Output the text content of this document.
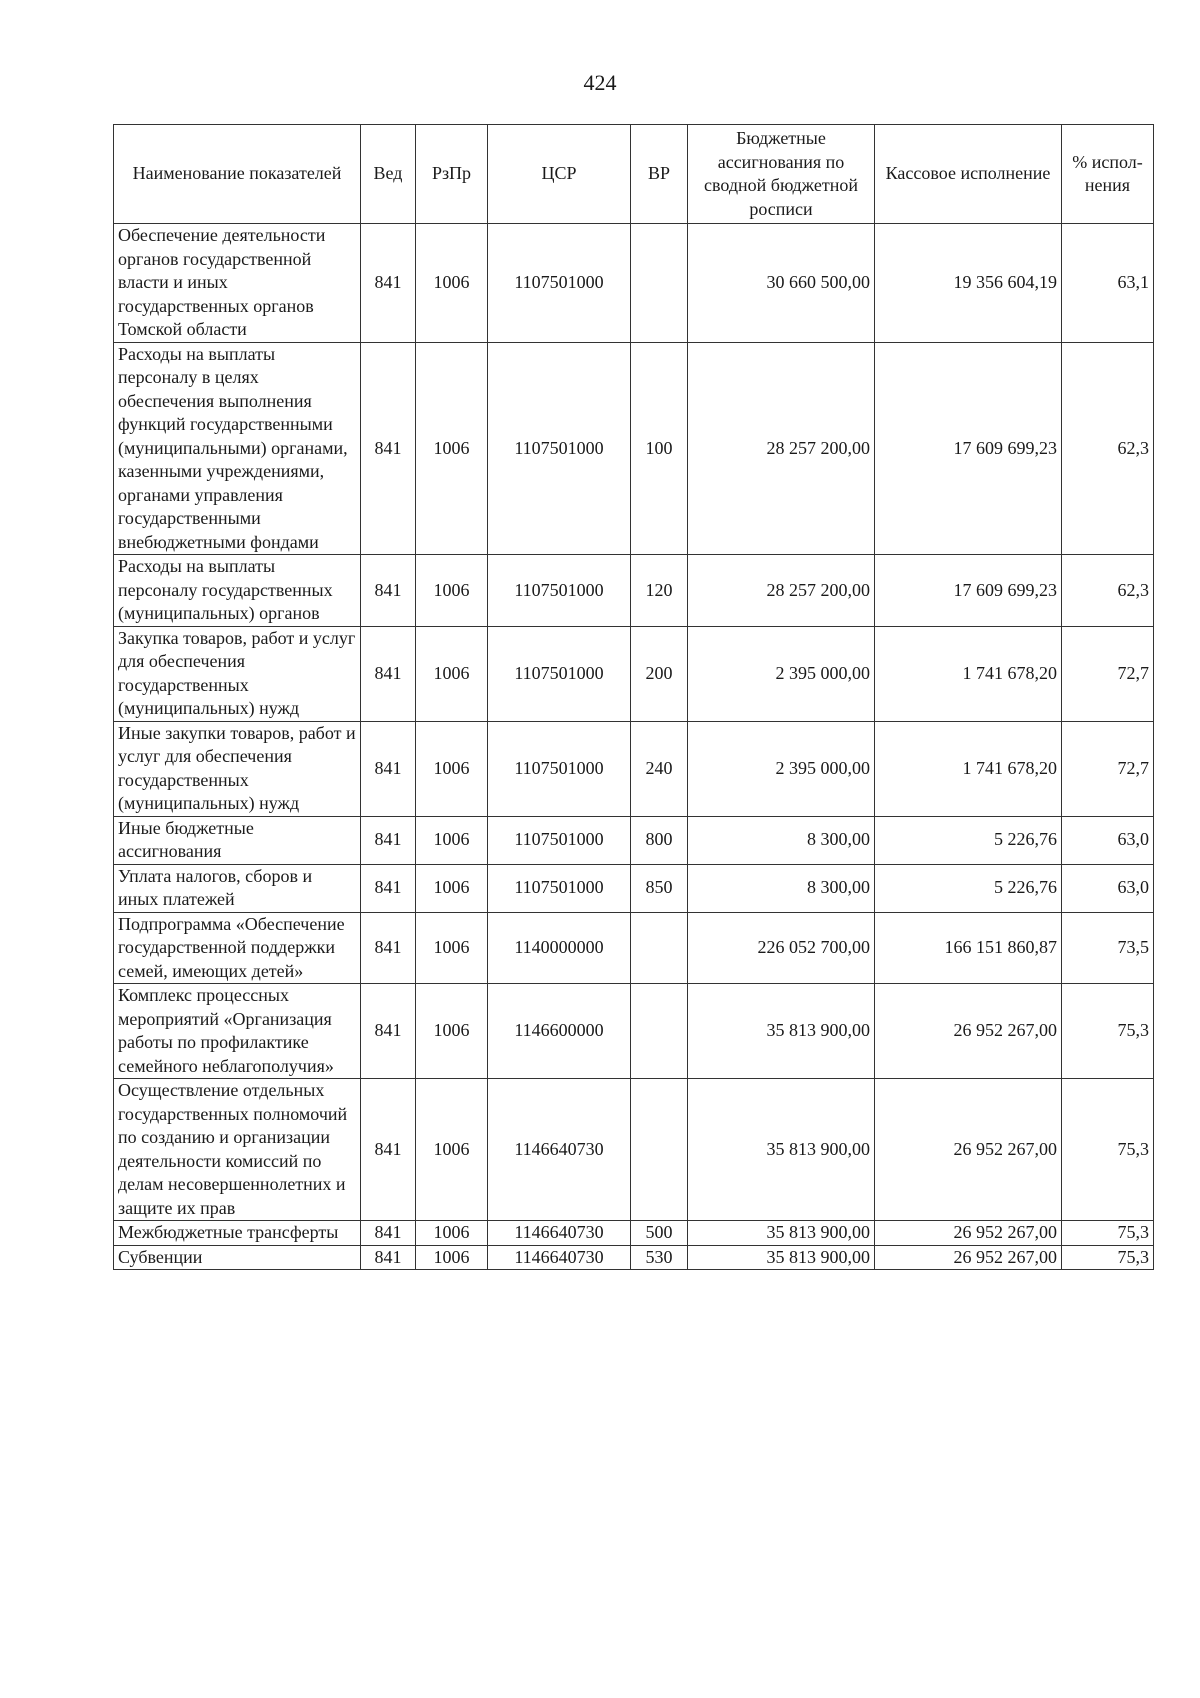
424
Наименование показателей	Вед	РзПр	ЦСР	ВР	Бюджетные ассигнования по сводной бюджетной росписи	Кассовое исполнение	% испол-нения
Обеспечение деятельности органов государственной власти и иных государственных органов Томской области	841	1006	1107501000		30 660 500,00	19 356 604,19	63,1
Расходы на выплаты персоналу в целях обеспечения выполнения функций государственными (муниципальными) органами, казенными учреждениями, органами управления государственными внебюджетными фондами	841	1006	1107501000	100	28 257 200,00	17 609 699,23	62,3
Расходы на выплаты персоналу государственных (муниципальных) органов	841	1006	1107501000	120	28 257 200,00	17 609 699,23	62,3
Закупка товаров, работ и услуг для обеспечения государственных (муниципальных) нужд	841	1006	1107501000	200	2 395 000,00	1 741 678,20	72,7
Иные закупки товаров, работ и услуг для обеспечения государственных (муниципальных) нужд	841	1006	1107501000	240	2 395 000,00	1 741 678,20	72,7
Иные бюджетные ассигнования	841	1006	1107501000	800	8 300,00	5 226,76	63,0
Уплата налогов, сборов и иных платежей	841	1006	1107501000	850	8 300,00	5 226,76	63,0
Подпрограмма «Обеспечение государственной поддержки семей, имеющих детей»	841	1006	1140000000		226 052 700,00	166 151 860,87	73,5
Комплекс процессных мероприятий «Организация работы по профилактике семейного неблагополучия»	841	1006	1146600000		35 813 900,00	26 952 267,00	75,3
Осуществление отдельных государственных полномочий по созданию и организации деятельности комиссий по делам несовершеннолетних и защите их прав	841	1006	1146640730		35 813 900,00	26 952 267,00	75,3
Межбюджетные трансферты	841	1006	1146640730	500	35 813 900,00	26 952 267,00	75,3
Субвенции	841	1006	1146640730	530	35 813 900,00	26 952 267,00	75,3
